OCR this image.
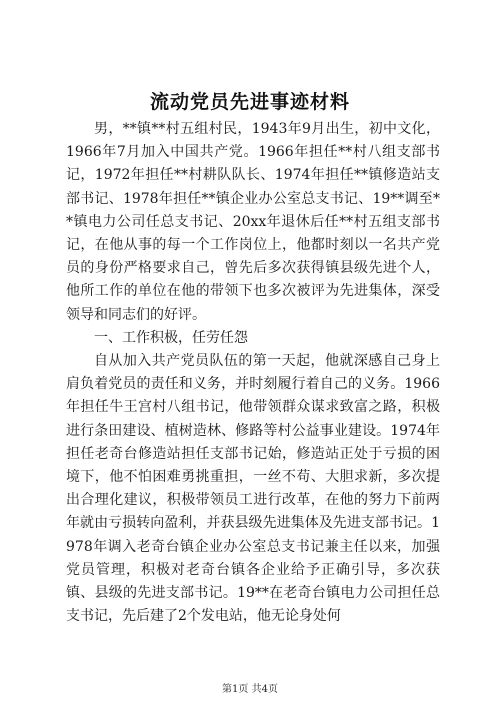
流动党员先进事迹材料

男，**镇**村五组村民，1943年9月出生，初中文化，1966年7月加入中国共产党。1966年担任**村八组支部书记，1972年担任**村耕队队长、1974年担任**镇修造站支部书记、1978年担任**镇企业办公室总支书记、19**调至**镇电力公司任总支书记、20xx年退休后任**村五组支部书记，在他从事的每一个工作岗位上，他都时刻以一名共产党员的身份严格要求自己，曾先后多次获得镇县级先进个人，他所工作的单位在他的带领下也多次被评为先进集体，深受领导和同志们的好评。

一、工作积极，任劳任怨

自从加入共产党员队伍的第一天起，他就深感自己身上肩负着党员的责任和义务，并时刻履行着自己的义务。1966年担任牛王宫村八组书记，他带领群众谋求致富之路，积极进行条田建设、植树造林、修路等村公益事业建设。1974年担任老奇台修造站担任支部书记始，修造站正处于亏损的困境下，他不怕困难勇挑重担，一丝不苟、大胆求新，多次提出合理化建议，积极带领员工进行改革，在他的努力下前两年就由亏损转向盈利，并获县级先进集体及先进支部书记。1978年调入老奇台镇企业办公室总支书记兼主任以来，加强党员管理，积极对老奇台镇各企业给予正确引导，多次获镇、县级的先进支部书记。19**在老奇台镇电力公司担任总支书记，先后建了2个发电站，他无论身处何

第1页 共4页
